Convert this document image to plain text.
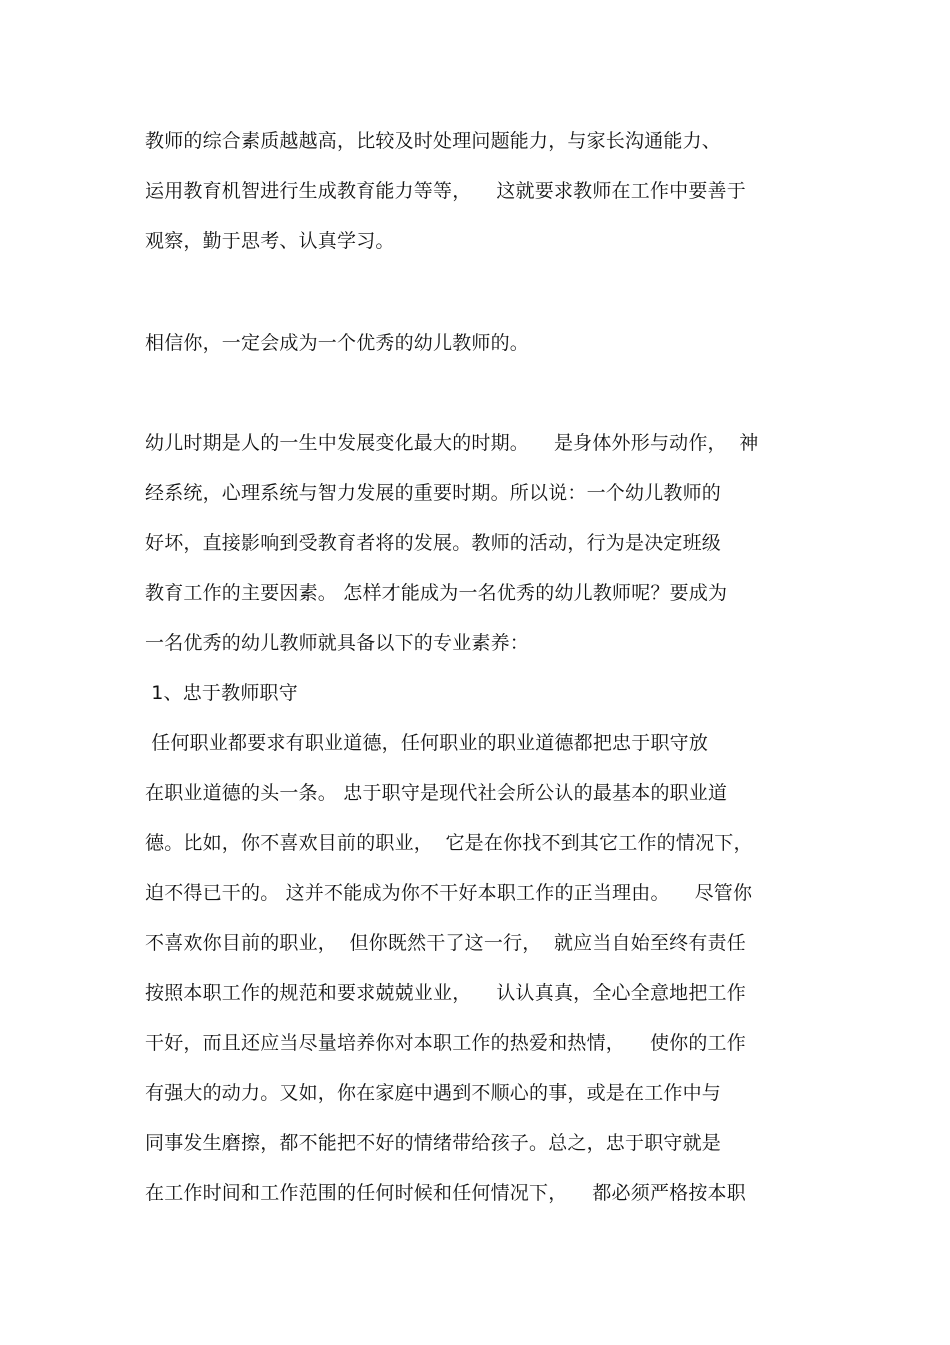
教师的综合素质越越高，比较及时处理问题能力，与家长沟通能力、
运用教育机智进行生成教育能力等等，    这就要求教师在工作中要善于
观察，勤于思考、认真学习。
相信你，一定会成为一个优秀的幼儿教师的。
幼儿时期是人的一生中发展变化最大的时期。    是身体外形与动作，  神
经系统，心理系统与智力发展的重要时期。所以说：一个幼儿教师的
好坏，直接影响到受教育者将的发展。教师的活动，行为是决定班级
教育工作的主要因素。 怎样才能成为一名优秀的幼儿教师呢？要成为
一名优秀的幼儿教师就具备以下的专业素养：
1、忠于教师职守
任何职业都要求有职业道德，任何职业的职业道德都把忠于职守放
在职业道德的头一条。 忠于职守是现代社会所公认的最基本的职业道
德。比如，你不喜欢目前的职业，  它是在你找不到其它工作的情况下，
迫不得已干的。 这并不能成为你不干好本职工作的正当理由。    尽管你
不喜欢你目前的职业，  但你既然干了这一行，  就应当自始至终有责任
按照本职工作的规范和要求兢兢业业，    认认真真，全心全意地把工作
干好，而且还应当尽量培养你对本职工作的热爱和热情，    使你的工作
有强大的动力。又如，你在家庭中遇到不顺心的事，或是在工作中与
同事发生磨擦，都不能把不好的情绪带给孩子。总之，忠于职守就是
在工作时间和工作范围的任何时候和任何情况下，    都必须严格按本职
